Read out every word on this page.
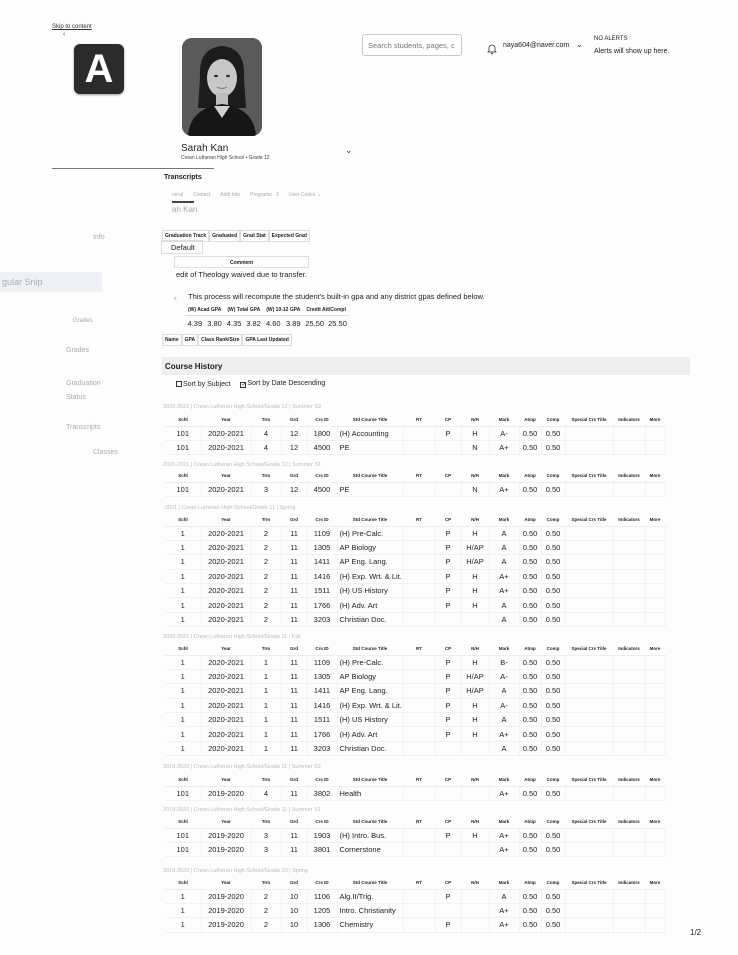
Skip to content
‹
A
Sarah Kan
Crean Lutheran High School • Grade 12
⌄
Search students, pages, c
naya604@naver.com ⌄
NO ALERTS
Alerts will show up here.
Transcripts
neral Contact Addl Info Programs · 6 User Codes ⌄
ah Kan
Info
gular Snip
Grades
Grades
Graduation
Status
Transcripts
Classes
Graduation Track	Graduated	Grad Stat	Expected Grad
Default
Comment
edit of Theology waived due to transfer.
s This process will recompute the student's built-in gpa and any district gpas defined below.
(W) Acad GPA		(W) Total GPA		(W) 10-12 GPA		Credit Att/Compl	
4.39	3.80	4.35	3.82	4.60	3.89	25.50	25.50
Name	GPA	Class Rank/Size	GPA Last Updated
Course History
Sort by Subject ✓Sort by Date Descending
2020-2021 | Crean Lutheran High School/Grade 12 | Summer S2
Schl	Year	Trm	Grd	Crs ID	Std Course Title	RT	CP	N/H	Mark	Atmp	Comp	Special Crs Title	Indicators	More
101	2020-2021	4	12	1800	(H) Accounting		P	H	A-	0.50	0.50			
101	2020-2021	4	12	4500	PE			N	A+	0.50	0.50			
2020-2021 | Crean Lutheran High School/Grade 12 | Summer S1
Schl	Year	Trm	Grd	Crs ID	Std Course Title	RT	CP	N/H	Mark	Atmp	Comp	Special Crs Title	Indicators	More
101	2020-2021	3	12	4500	PE			N	A+	0.50	0.50			
-2021 | Crean Lutheran High School/Grade 11 | Spring
Schl	Year	Trm	Grd	Crs ID	Std Course Title	RT	CP	N/H	Mark	Atmp	Comp	Special Crs Title	Indicators	More
1	2020-2021	2	11	1109	(H) Pre-Calc.		P	H	A	0.50	0.50			
1	2020-2021	2	11	1305	AP Biology		P	H/AP	A	0.50	0.50			
1	2020-2021	2	11	1411	AP Eng. Lang.		P	H/AP	A	0.50	0.50			
1	2020-2021	2	11	1416	(H) Exp. Wrt. & Lit.		P	H	A+	0.50	0.50			
1	2020-2021	2	11	1511	(H) US History		P	H	A+	0.50	0.50			
1	2020-2021	2	11	1766	(H) Adv. Art		P	H	A	0.50	0.50			
1	2020-2021	2	11	3203	Christian Doc.				A	0.50	0.50			
2020-2021 | Crean Lutheran High School/Grade 11 | Fall
Schl	Year	Trm	Grd	Crs ID	Std Course Title	RT	CP	N/H	Mark	Atmp	Comp	Special Crs Title	Indicators	More
1	2020-2021	1	11	1109	(H) Pre-Calc.		P	H	B-	0.50	0.50			
1	2020-2021	1	11	1305	AP Biology		P	H/AP	A-	0.50	0.50			
1	2020-2021	1	11	1411	AP Eng. Lang.		P	H/AP	A	0.50	0.50			
1	2020-2021	1	11	1416	(H) Exp. Wrt. & Lit.		P	H	A-	0.50	0.50			
1	2020-2021	1	11	1511	(H) US History		P	H	A	0.50	0.50			
1	2020-2021	1	11	1766	(H) Adv. Art		P	H	A+	0.50	0.50			
1	2020-2021	1	11	3203	Christian Doc.				A	0.50	0.50			
2019-2020 | Crean Lutheran High School/Grade 11 | Summer S2
Schl	Year	Trm	Grd	Crs ID	Std Course Title	RT	CP	N/H	Mark	Atmp	Comp	Special Crs Title	Indicators	More
101	2019-2020	4	11	3802	Health				A+	0.50	0.50			
2019-2020 | Crean Lutheran High School/Grade 11 | Summer S1
Schl	Year	Trm	Grd	Crs ID	Std Course Title	RT	CP	N/H	Mark	Atmp	Comp	Special Crs Title	Indicators	More
101	2019-2020	3	11	1903	(H) Intro. Bus.		P	H	A+	0.50	0.50			
101	2019-2020	3	11	3801	Cornerstone				A+	0.50	0.50			
2019-2020 | Crean Lutheran High School/Grade 10 | Spring
Schl	Year	Trm	Grd	Crs ID	Std Course Title	RT	CP	N/H	Mark	Atmp	Comp	Special Crs Title	Indicators	More
1	2019-2020	2	10	1106	Alg.II/Trig.		P		A	0.50	0.50			
1	2019-2020	2	10	1205	Intro. Christianity				A+	0.50	0.50			
1	2019-2020	2	10	1306	Chemistry		P		A+	0.50	0.50			
1/2
